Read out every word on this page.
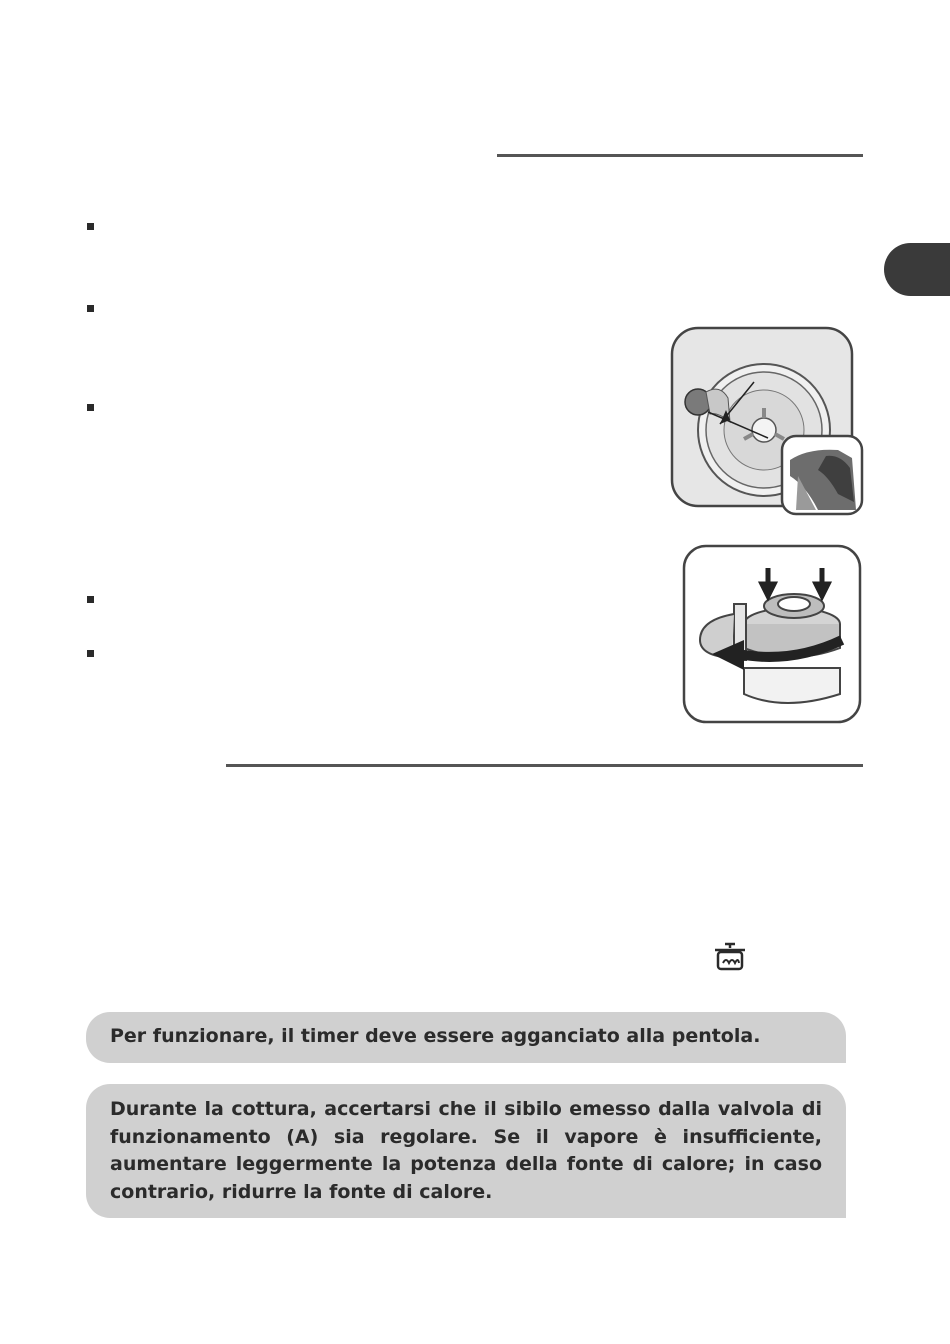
Per funzionare, il timer deve essere agganciato alla pentola.
Durante la cottura, accertarsi che il sibilo emesso dalla valvola di funzionamento (A) sia regolare. Se il vapore è insufficiente, aumentare leggermente la potenza della fonte di calore; in caso contrario, ridurre la fonte di calore.
